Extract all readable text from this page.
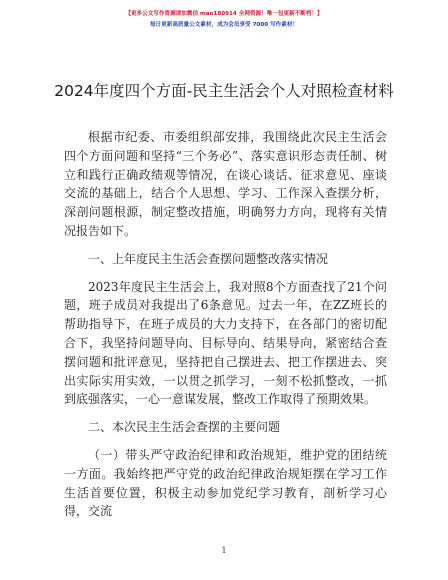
【更多公文写作资源请加微信 mao180914 全网资源！唯一包更新不断档！】
每日更新高质量公文素材，成为会员享受 7000 写作素材！
2024年度四个方面-民主生活会个人对照检查材料

根据市纪委、市委组织部安排，我围绕此次民主生活会四个方面问题和坚持“三个务必”、落实意识形态责任制、树立和践行正确政绩观等情况，在谈心谈话、征求意见、座谈交流的基础上，结合个人思想、学习、工作深入查摆分析，深剖问题根源，制定整改措施，明确努力方向，现将有关情况报告如下。

一、上年度民主生活会查摆问题整改落实情况

2023年度民主生活会上，我对照8个方面查找了21个问题，班子成员对我提出了6条意见。过去一年，在ZZ班长的帮助指导下，在班子成员的大力支持下，在各部门的密切配合下，我坚持问题导向、目标导向、结果导向，紧密结合查摆问题和批评意见，坚持把自己摆进去、把工作摆进去、突出实际实用实效，一以贯之抓学习，一刻不松抓整改，一抓到底强落实，一心一意谋发展，整改工作取得了预期效果。

二、本次民主生活会查摆的主要问题

（一）带头严守政治纪律和政治规矩，维护党的团结统一方面。我始终把严守党的政治纪律政治规矩摆在学习工作生活首要位置，积极主动参加党纪学习教育，剖析学习心得，交流

1
